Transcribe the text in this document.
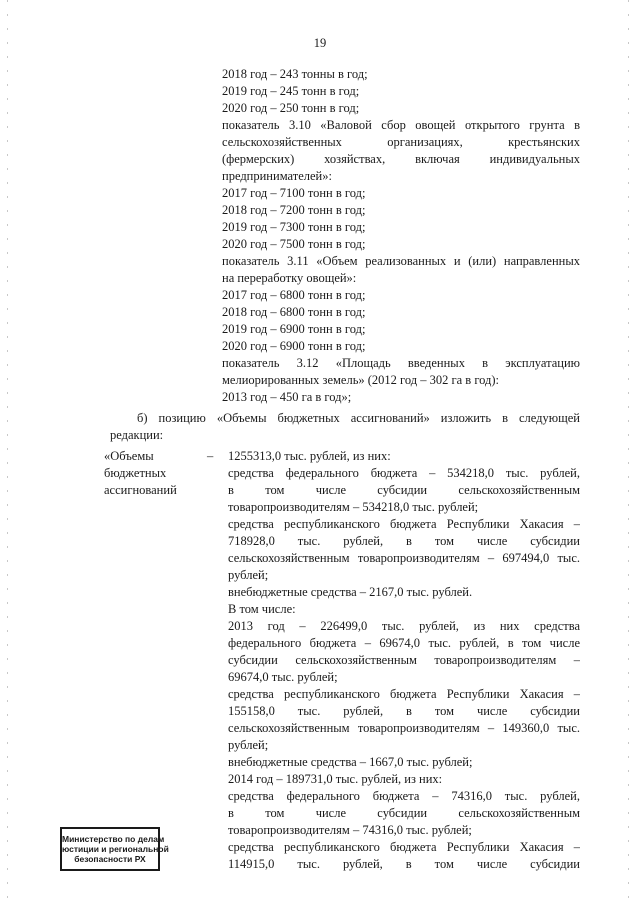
19
2018 год – 243 тонны в год;
2019 год – 245 тонн в год;
2020 год – 250 тонн в год;
показатель 3.10 «Валовой сбор овощей открытого грунта в
сельскохозяйственных организациях, крестьянских
(фермерских) хозяйствах, включая индивидуальных
предпринимателей»:
2017 год – 7100 тонн в год;
2018 год – 7200 тонн в год;
2019 год – 7300 тонн в год;
2020 год – 7500 тонн в год;
показатель 3.11 «Объем реализованных и (или) направленных
на переработку овощей»:
2017 год – 6800 тонн в год;
2018 год – 6800 тонн в год;
2019 год – 6900 тонн в год;
2020 год – 6900 тонн в год;
показатель 3.12 «Площадь введенных в эксплуатацию
мелиорированных земель» (2012 год – 302 га в год):
2013 год – 450 га в год»;
б) позицию «Объемы бюджетных ассигнований» изложить в следующей
редакции:
«Объемы
бюджетных
ассигнований
– 1255313,0 тыс. рублей, из них:
средства федерального бюджета – 534218,0 тыс. рублей,
в том числе субсидии сельскохозяйственным
товаропроизводителям – 534218,0 тыс. рублей;
средства республиканского бюджета Республики Хакасия –
718928,0 тыс. рублей, в том числе субсидии
сельскохозяйственным товаропроизводителям – 697494,0 тыс.
рублей;
внебюджетные средства – 2167,0 тыс. рублей.
В том числе:
2013 год – 226499,0 тыс. рублей, из них средства
федерального бюджета – 69674,0 тыс. рублей, в том числе
субсидии сельскохозяйственным товаропроизводителям –
69674,0 тыс. рублей;
средства республиканского бюджета Республики Хакасия –
155158,0 тыс. рублей, в том числе субсидии
сельскохозяйственным товаропроизводителям – 149360,0 тыс.
рублей;
внебюджетные средства – 1667,0 тыс. рублей;
2014 год – 189731,0 тыс. рублей, из них:
средства федерального бюджета – 74316,0 тыс. рублей,
в том числе субсидии сельскохозяйственным
товаропроизводителям – 74316,0 тыс. рублей;
средства республиканского бюджета Республики Хакасия –
114915,0 тыс. рублей, в том числе субсидии
Министерство по делам
юстиции и региональной
безопасности РХ
